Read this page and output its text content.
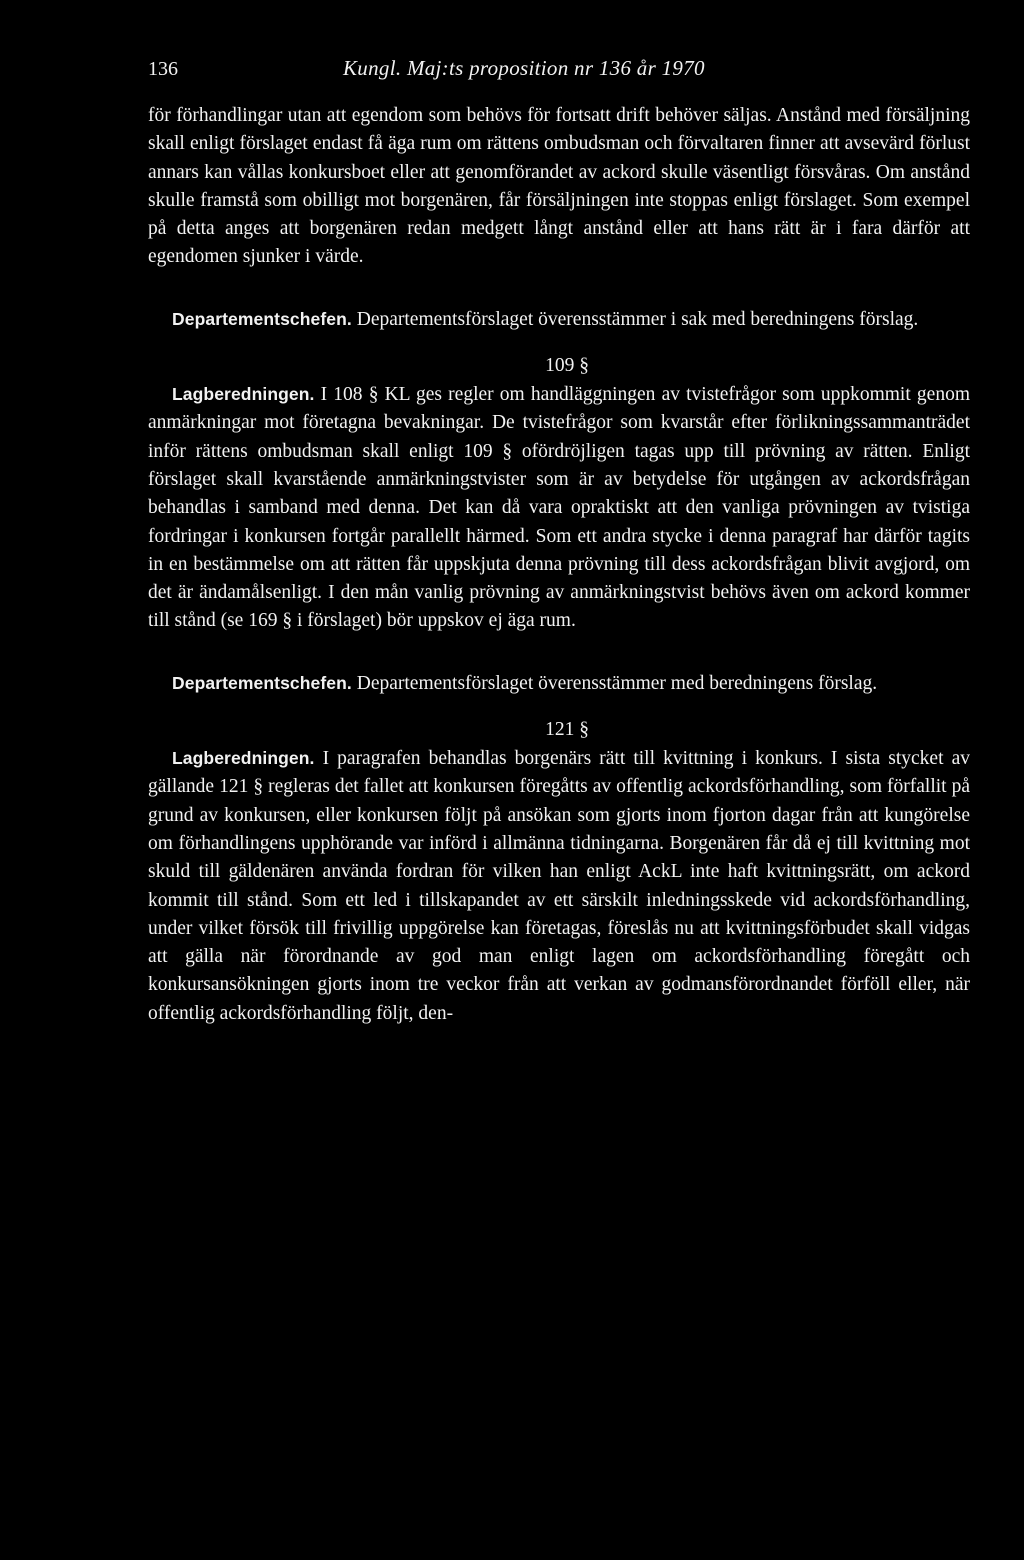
136	Kungl. Maj:ts proposition nr 136 år 1970

för förhandlingar utan att egendom som behövs för fortsatt drift behöver säljas. Anstånd med försäljning skall enligt förslaget endast få äga rum om rättens ombudsman och förvaltaren finner att avsevärd förlust annars kan vållas konkursboet eller att genomförandet av ackord skulle väsentligt försvåras. Om anstånd skulle framstå som obilligt mot borgenären, får försäljningen inte stoppas enligt förslaget. Som exempel på detta anges att borgenären redan medgett långt anstånd eller att hans rätt är i fara därför att egendomen sjunker i värde.

Departementschefen. Departementsförslaget överensstämmer i sak med beredningens förslag.

109 §

Lagberedningen. I 108 § KL ges regler om handläggningen av tvistefrågor som uppkommit genom anmärkningar mot företagna bevakningar. De tvistefrågor som kvarstår efter förlikningssammanträdet inför rättens ombudsman skall enligt 109 § ofördröjligen tagas upp till prövning av rätten. Enligt förslaget skall kvarstående anmärkningstvister som är av betydelse för utgången av ackordsfrågan behandlas i samband med denna. Det kan då vara opraktiskt att den vanliga prövningen av tvistiga fordringar i konkursen fortgår parallellt härmed. Som ett andra stycke i denna paragraf har därför tagits in en bestämmelse om att rätten får uppskjuta denna prövning till dess ackordsfrågan blivit avgjord, om det är ändamålsenligt. I den mån vanlig prövning av anmärkningstvist behövs även om ackord kommer till stånd (se 169 § i förslaget) bör uppskov ej äga rum.

Departementschefen. Departementsförslaget överensstämmer med beredningens förslag.

121 §

Lagberedningen. I paragrafen behandlas borgenärs rätt till kvittning i konkurs. I sista stycket av gällande 121 § regleras det fallet att konkursen föregåtts av offentlig ackordsförhandling, som förfallit på grund av konkursen, eller konkursen följt på ansökan som gjorts inom fjorton dagar från att kungörelse om förhandlingens upphörande var införd i allmänna tidningarna. Borgenären får då ej till kvittning mot skuld till gäldenären använda fordran för vilken han enligt AckL inte haft kvittningsrätt, om ackord kommit till stånd. Som ett led i tillskapandet av ett särskilt inledningsskede vid ackordsförhandling, under vilket försök till frivillig uppgörelse kan företagas, föreslås nu att kvittningsförbudet skall vidgas att gälla när förordnande av god man enligt lagen om ackordsförhandling föregått och konkursansökningen gjorts inom tre veckor från att verkan av godmansförordnandet förföll eller, när offentlig ackordsförhandling följt, den-
